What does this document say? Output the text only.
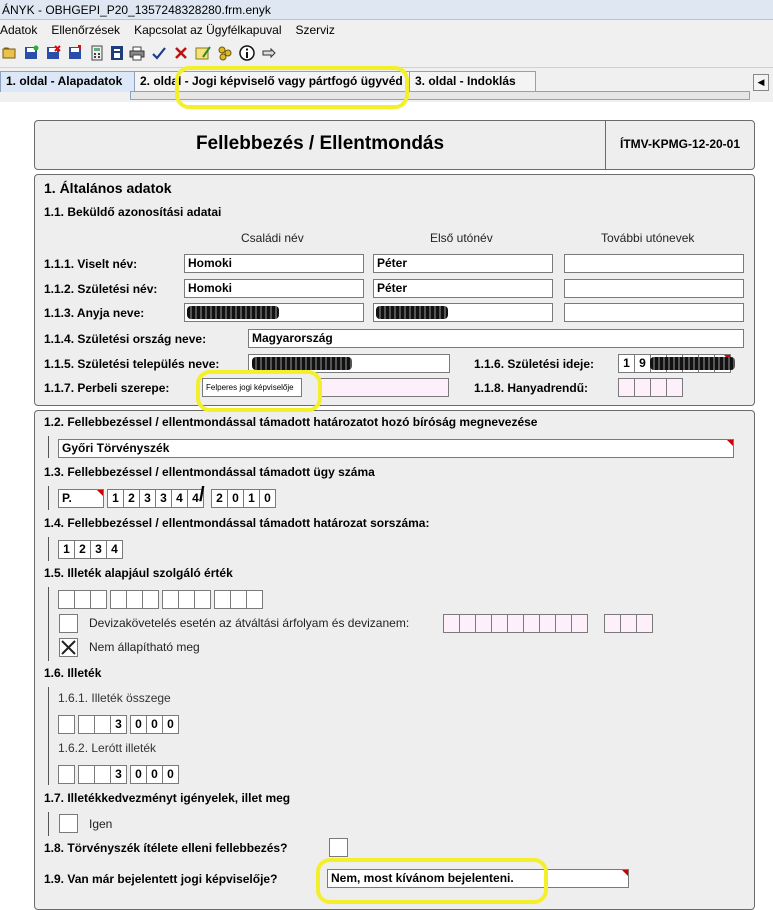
ÁNYK - OBHGEPI_P20_1357248328280.frm.enyk
Adatok Ellenőrzések Kapcsolat az Ügyfélkapuval Szerviz
1. oldal - Alapadatok	2. oldal - Jogi képviselő vagy pártfogó ügyvéd	3. oldal - Indoklás	◀
Fellebbezés / Ellentmondás	ÍTMV-KPMG-12-20-01
1. Általános adatok
1.1. Beküldő azonosítási adatai
Családi név	Első utónév	További utónevek
1.1.1. Viselt név:	Homoki	Péter
1.1.2. Születési név:	Homoki	Péter
1.1.3. Anyja neve:
1.1.4. Születési ország neve:	Magyarország
1.1.5. Születési település neve:	1.1.6. Születési ideje:	1 9
1.1.7. Perbeli szerepe:	Felperes jogi képviselője	1.1.8. Hanyadrendű:
1.2. Fellebbezéssel / ellentmondással támadott határozatot hozó bíróság megnevezése
Győri Törvényszék
1.3. Fellebbezéssel / ellentmondással támadott ügy száma
P.	1 2 3 3 4 4 / 2 0 1 0
1.4. Fellebbezéssel / ellentmondással támadott határozat sorszáma:
1 2 3 4
1.5. Illeték alapjául szolgáló érték
Devizakövetelés esetén az átváltási árfolyam és devizanem:
Nem állapítható meg
1.6. Illeték
1.6.1. Illeték összege
3	0 0 0
1.6.2. Lerótt illeték
3	0 0 0
1.7. Illetékkedvezményt igényelek, illet meg
Igen
1.8. Törvényszék ítélete elleni fellebbezés?
1.9. Van már bejelentett jogi képviselője?	Nem, most kívánom bejelenteni.
